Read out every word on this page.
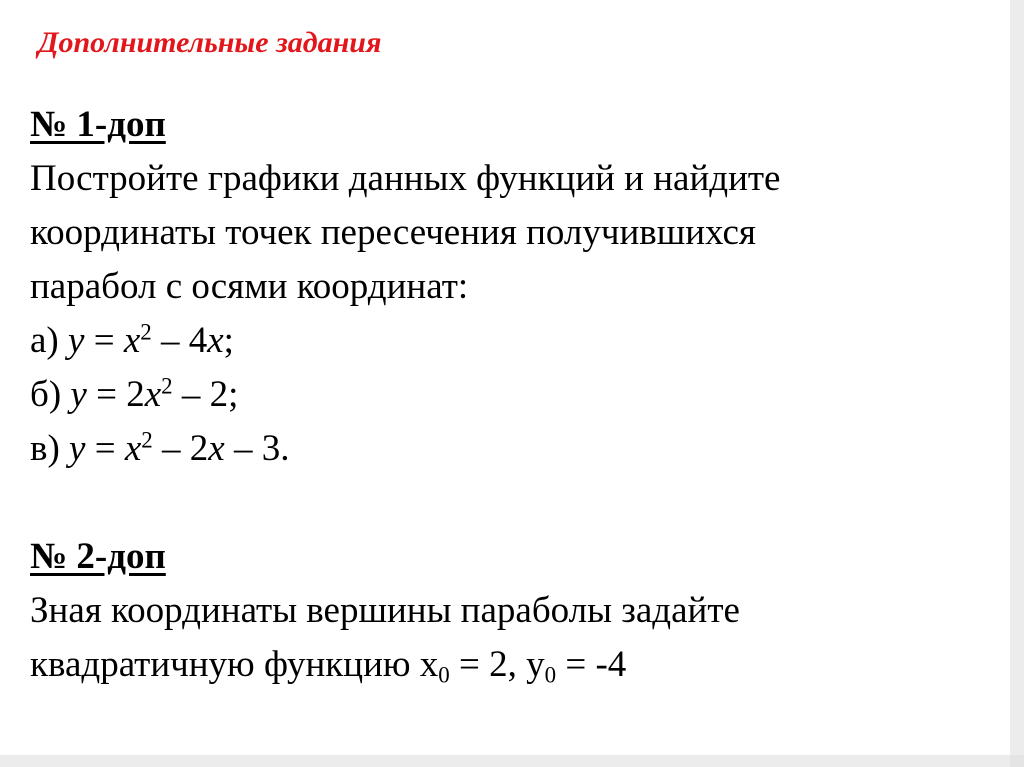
Дополнительные задания
№ 1-доп
Постройте графики данных функций и найдите
координаты точек пересечения получившихся
парабол с осями координат:
а) $y = x^2 - 4x$;
б) $y = 2x^2 - 2$;
в) $y = x^2 - 2x - 3$.
№ 2-доп
Зная координаты вершины параболы задайте
квадратичную функцию $x_0 = 2$, $y_0 = -4$
